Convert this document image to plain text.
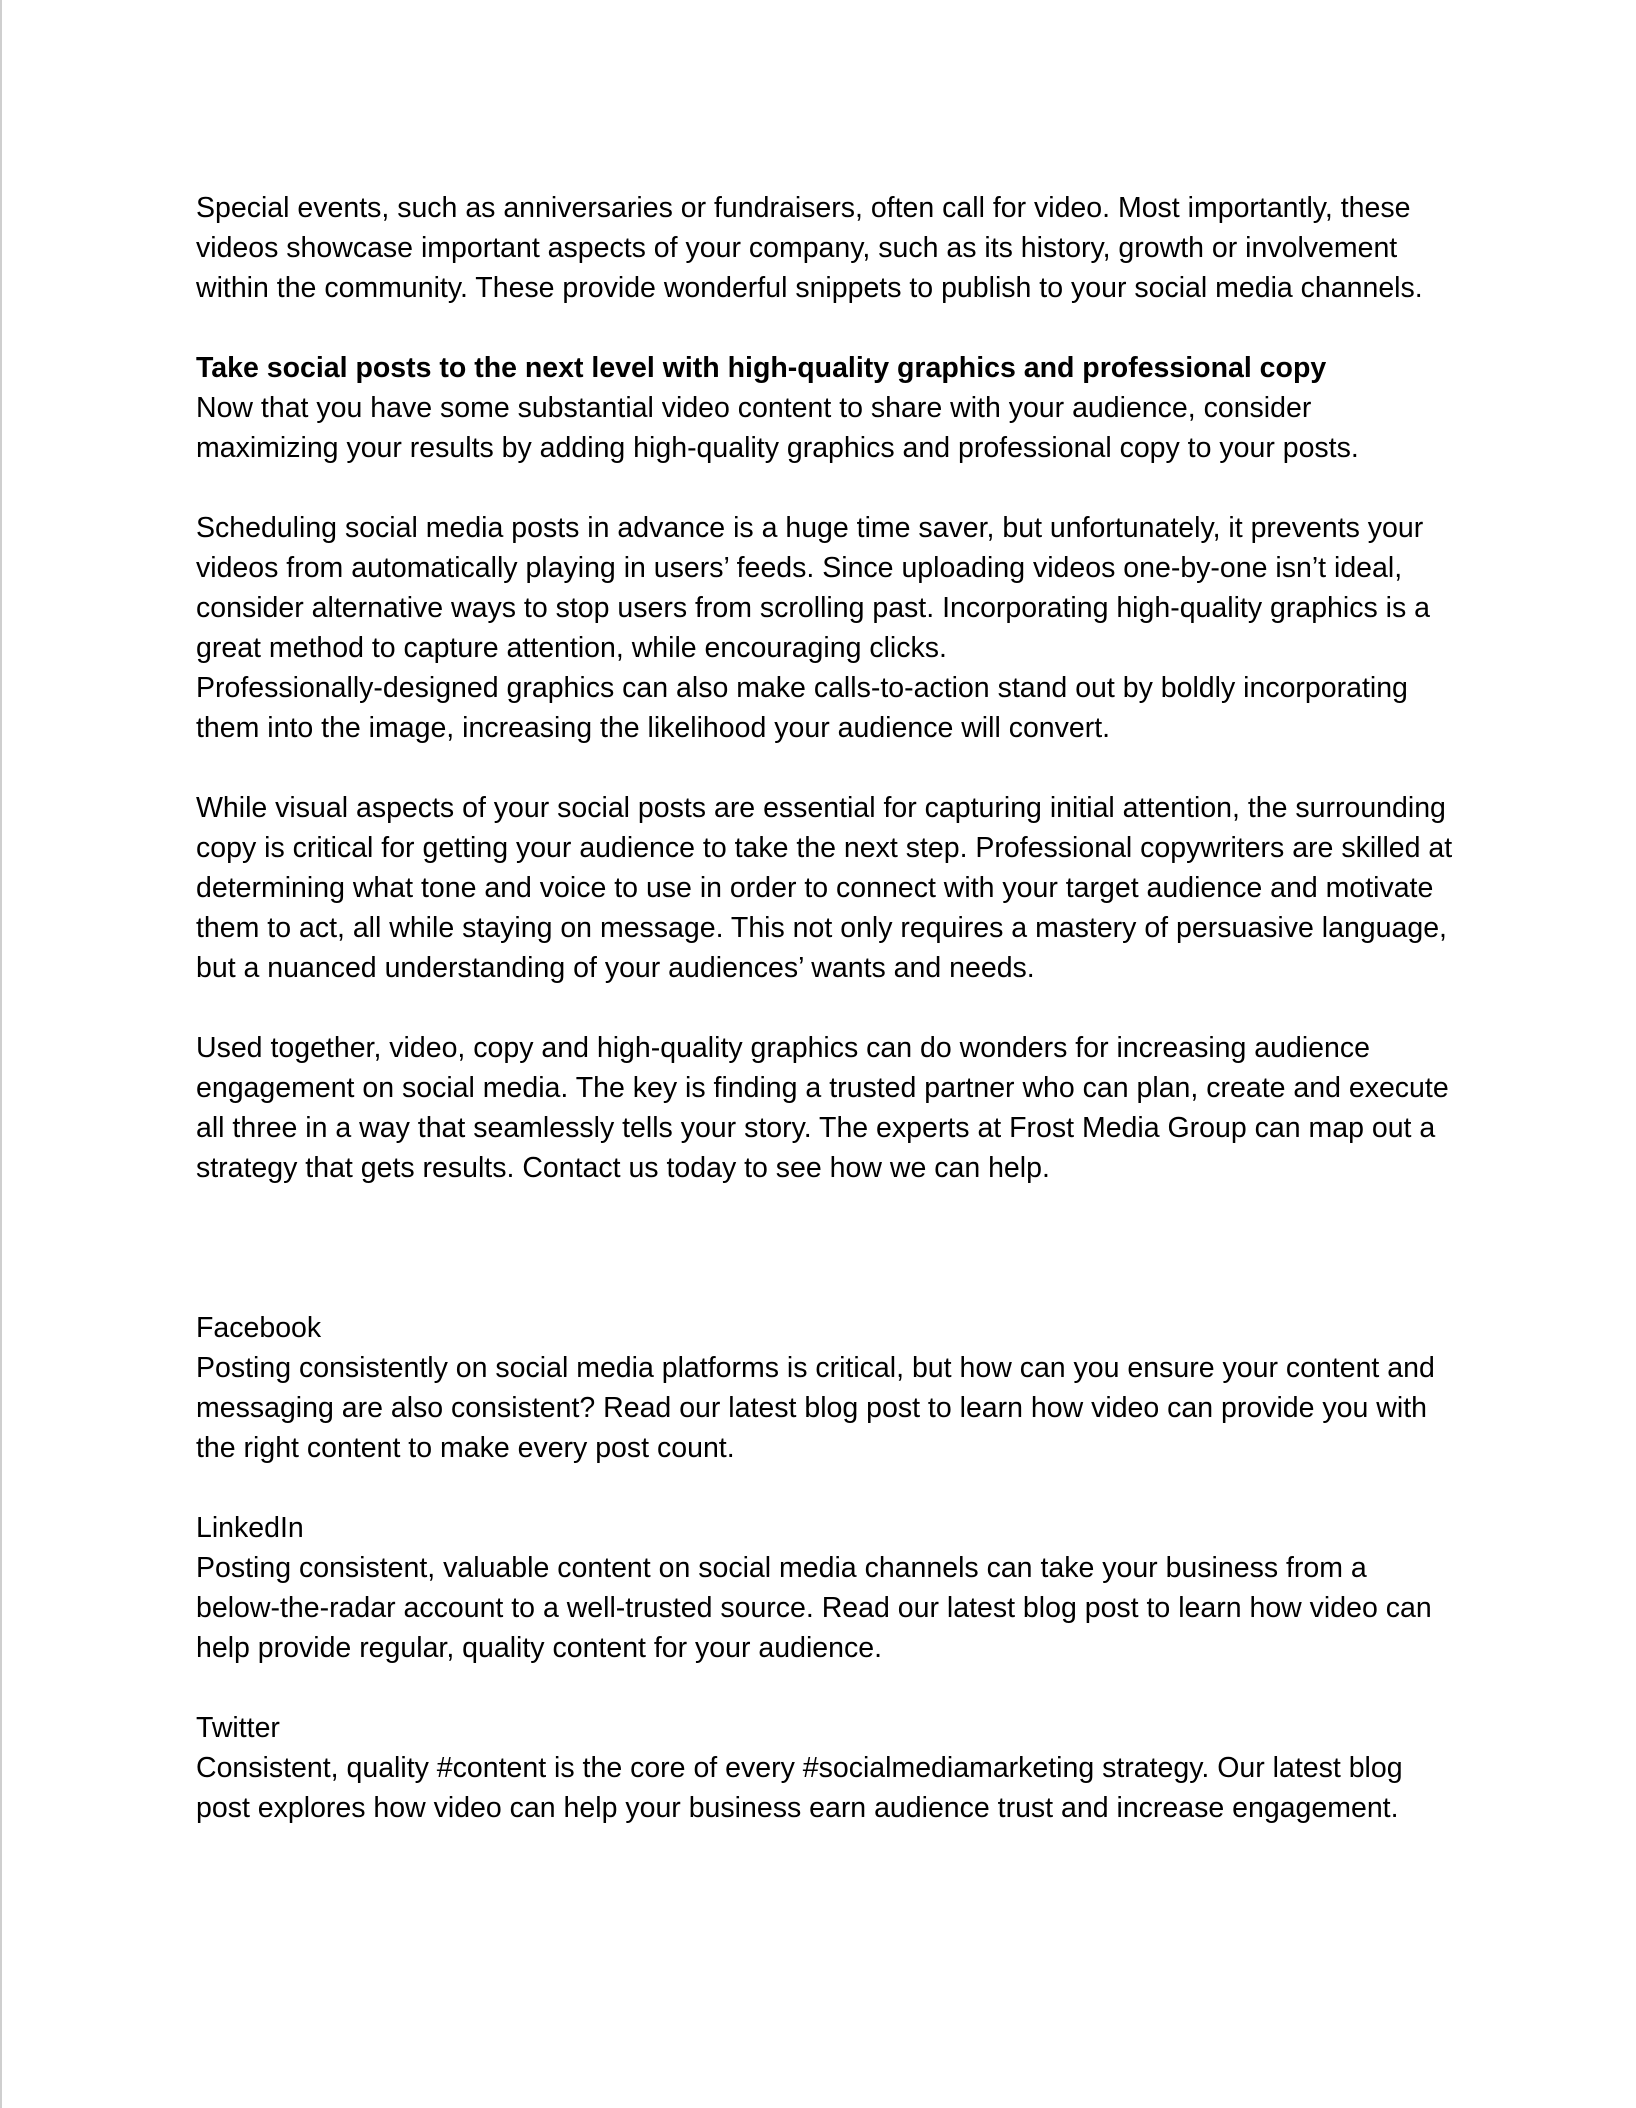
Special events, such as anniversaries or fundraisers, often call for video. Most importantly, these videos showcase important aspects of your company, such as its history, growth or involvement within the community. These provide wonderful snippets to publish to your social media channels.

Take social posts to the next level with high-quality graphics and professional copy
Now that you have some substantial video content to share with your audience, consider maximizing your results by adding high-quality graphics and professional copy to your posts.

Scheduling social media posts in advance is a huge time saver, but unfortunately, it prevents your videos from automatically playing in users’ feeds. Since uploading videos one-by-one isn’t ideal, consider alternative ways to stop users from scrolling past. Incorporating high-quality graphics is a great method to capture attention, while encouraging clicks.
Professionally-designed graphics can also make calls-to-action stand out by boldly incorporating them into the image, increasing the likelihood your audience will convert.

While visual aspects of your social posts are essential for capturing initial attention, the surrounding copy is critical for getting your audience to take the next step. Professional copywriters are skilled at determining what tone and voice to use in order to connect with your target audience and motivate them to act, all while staying on message. This not only requires a mastery of persuasive language, but a nuanced understanding of your audiences’ wants and needs.

Used together, video, copy and high-quality graphics can do wonders for increasing audience engagement on social media. The key is finding a trusted partner who can plan, create and execute all three in a way that seamlessly tells your story. The experts at Frost Media Group can map out a strategy that gets results. Contact us today to see how we can help.

Facebook
Posting consistently on social media platforms is critical, but how can you ensure your content and messaging are also consistent? Read our latest blog post to learn how video can provide you with the right content to make every post count.

LinkedIn
Posting consistent, valuable content on social media channels can take your business from a below-the-radar account to a well-trusted source. Read our latest blog post to learn how video can help provide regular, quality content for your audience.

Twitter
Consistent, quality #content is the core of every #socialmediamarketing strategy. Our latest blog post explores how video can help your business earn audience trust and increase engagement.
